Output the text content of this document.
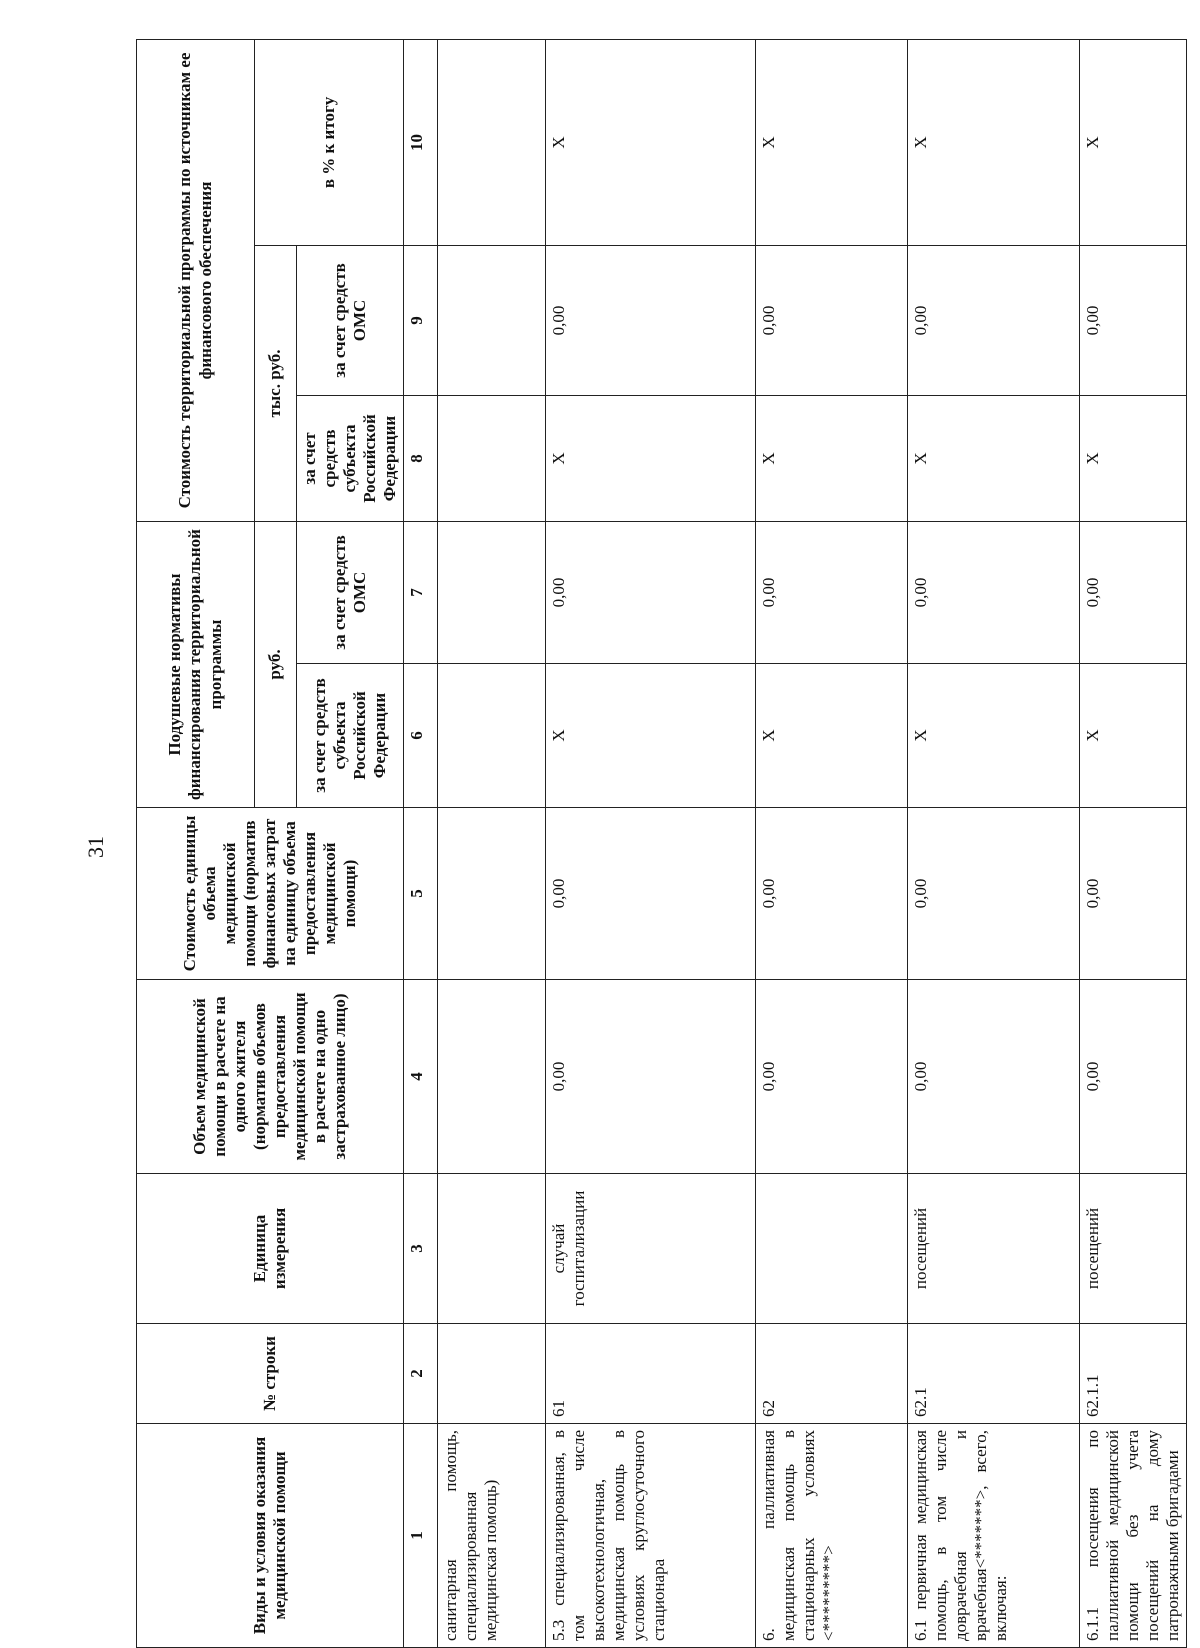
31
Виды и условия оказания медицинской помощи	№ строки	Единица измерения	Объем медицинской помощи в расчете на одного жителя (норматив объемов предоставления медицинской помощи в расчете на одно застрахованное лицо)	Стоимость единицы объема медицинской помощи (норматив финансовых затрат на единицу объема предоставления медицинской помощи)	Подушевые нормативы финансирования территориальной программы		Стоимость территориальной программы по источникам ее финансового обеспечения		
					руб.		тыс. руб.		в % к итогу
					за счет средств субъекта Российской Федерации	за счет средств ОМС	за счет средств субъекта Российской Федерации	за счет средств ОМС	
1	2	3	4	5	6	7	8	9	10
санитарная помощь, специализированная медицинская помощь)									
5.3 специализированная, в том числе высокотехнологичная, медицинская помощь в условиях круглосуточного стационара	61	случай госпитализации	0,00	0,00	X	0,00	X	0,00	X
6. паллиативная медицинская помощь в стационарных условиях <*********>	62		0,00	0,00	X	0,00	X	0,00	X
6.1 первичная медицинская помощь, в том числе доврачебная и врачебная<*******>, всего, включая:	62.1	посещений	0,00	0,00	X	0,00	X	0,00	X
6.1.1 посещения по паллиативной медицинской помощи без учета посещений на дому патронажными бригадами	62.1.1	посещений	0,00	0,00	X	0,00	X	0,00	X
